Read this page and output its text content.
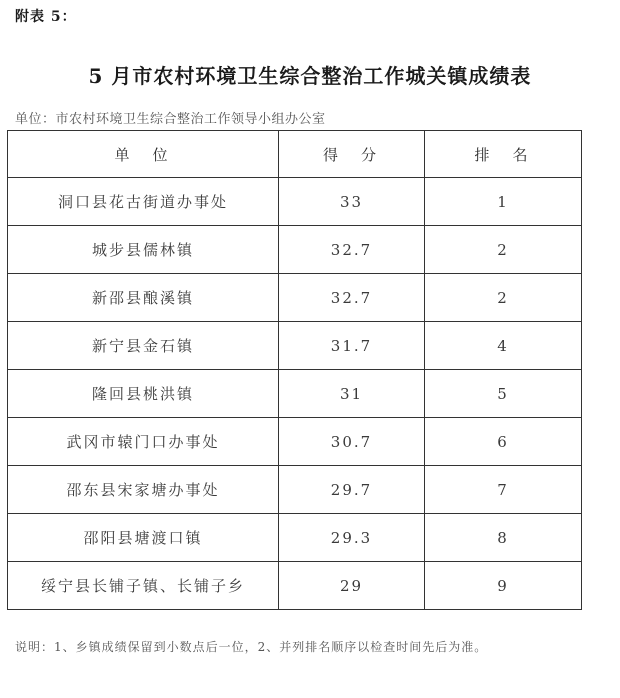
附表 5：
5 月市农村环境卫生综合整治工作城关镇成绩表
单位：市农村环境卫生综合整治工作领导小组办公室
单　位	得　分	排　名
洞口县花古街道办事处	33	1
城步县儒林镇	32.7	2
新邵县酿溪镇	32.7	2
新宁县金石镇	31.7	4
隆回县桃洪镇	31	5
武冈市辕门口办事处	30.7	6
邵东县宋家塘办事处	29.7	7
邵阳县塘渡口镇	29.3	8
绥宁县长铺子镇、长铺子乡	29	9
说明：1、乡镇成绩保留到小数点后一位，2、并列排名顺序以检查时间先后为准。
